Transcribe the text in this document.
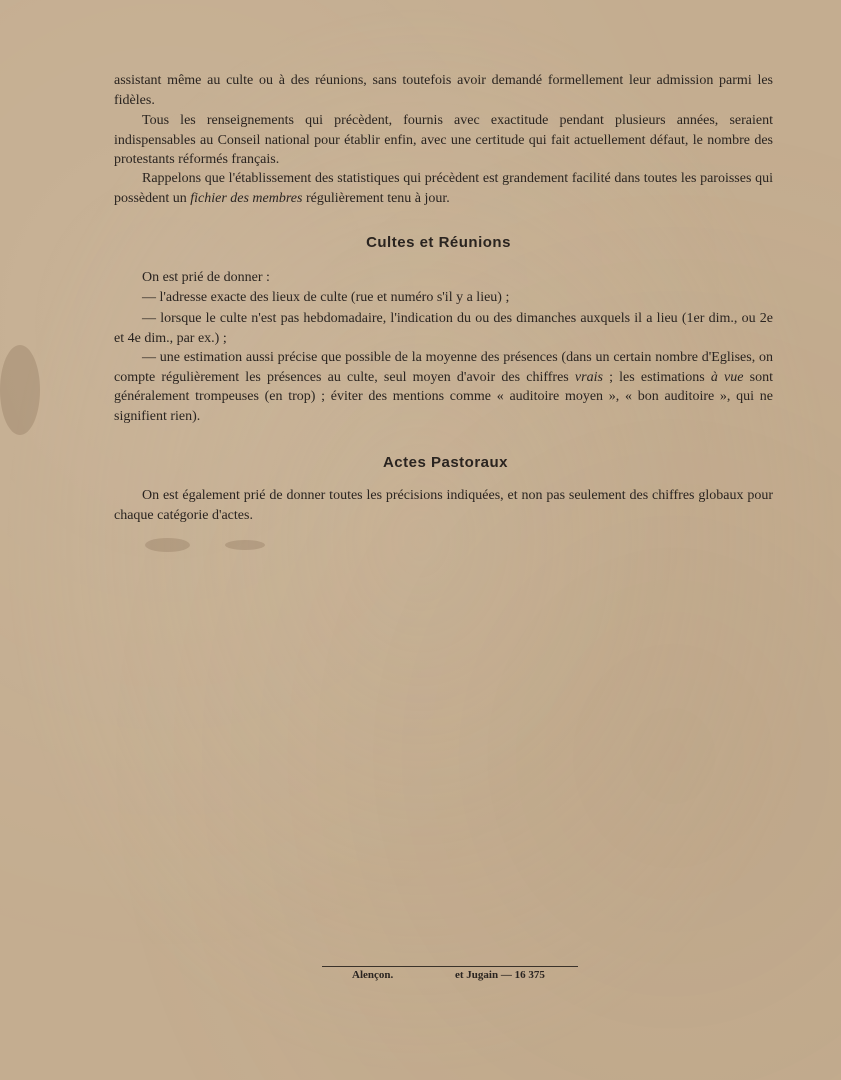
assistant même au culte ou à des réunions, sans toutefois avoir demandé formellement leur admission parmi les fidèles.

Tous les renseignements qui précèdent, fournis avec exactitude pendant plusieurs années, seraient indispensables au Conseil national pour établir enfin, avec une certitude qui fait actuellement défaut, le nombre des protestants réformés français.

Rappelons que l'établissement des statistiques qui précèdent est grandement facilité dans toutes les paroisses qui possèdent un fichier des membres régulièrement tenu à jour.

Cultes et Réunions

On est prié de donner :

— l'adresse exacte des lieux de culte (rue et numéro s'il y a lieu) ;

— lorsque le culte n'est pas hebdomadaire, l'indication du ou des dimanches auxquels il a lieu (1er dim., ou 2e et 4e dim., par ex.) ;

— une estimation aussi précise que possible de la moyenne des présences (dans un certain nombre d'Eglises, on compte régulièrement les présences au culte, seul moyen d'avoir des chiffres vrais ; les estimations à vue sont généralement trompeuses (en trop) ; éviter des mentions comme « auditoire moyen », « bon auditoire », qui ne signifient rien).

Actes Pastoraux

On est également prié de donner toutes les précisions indiquées, et non pas seulement des chiffres globaux pour chaque catégorie d'actes.

Alençon.	et Jugain — 16 375
